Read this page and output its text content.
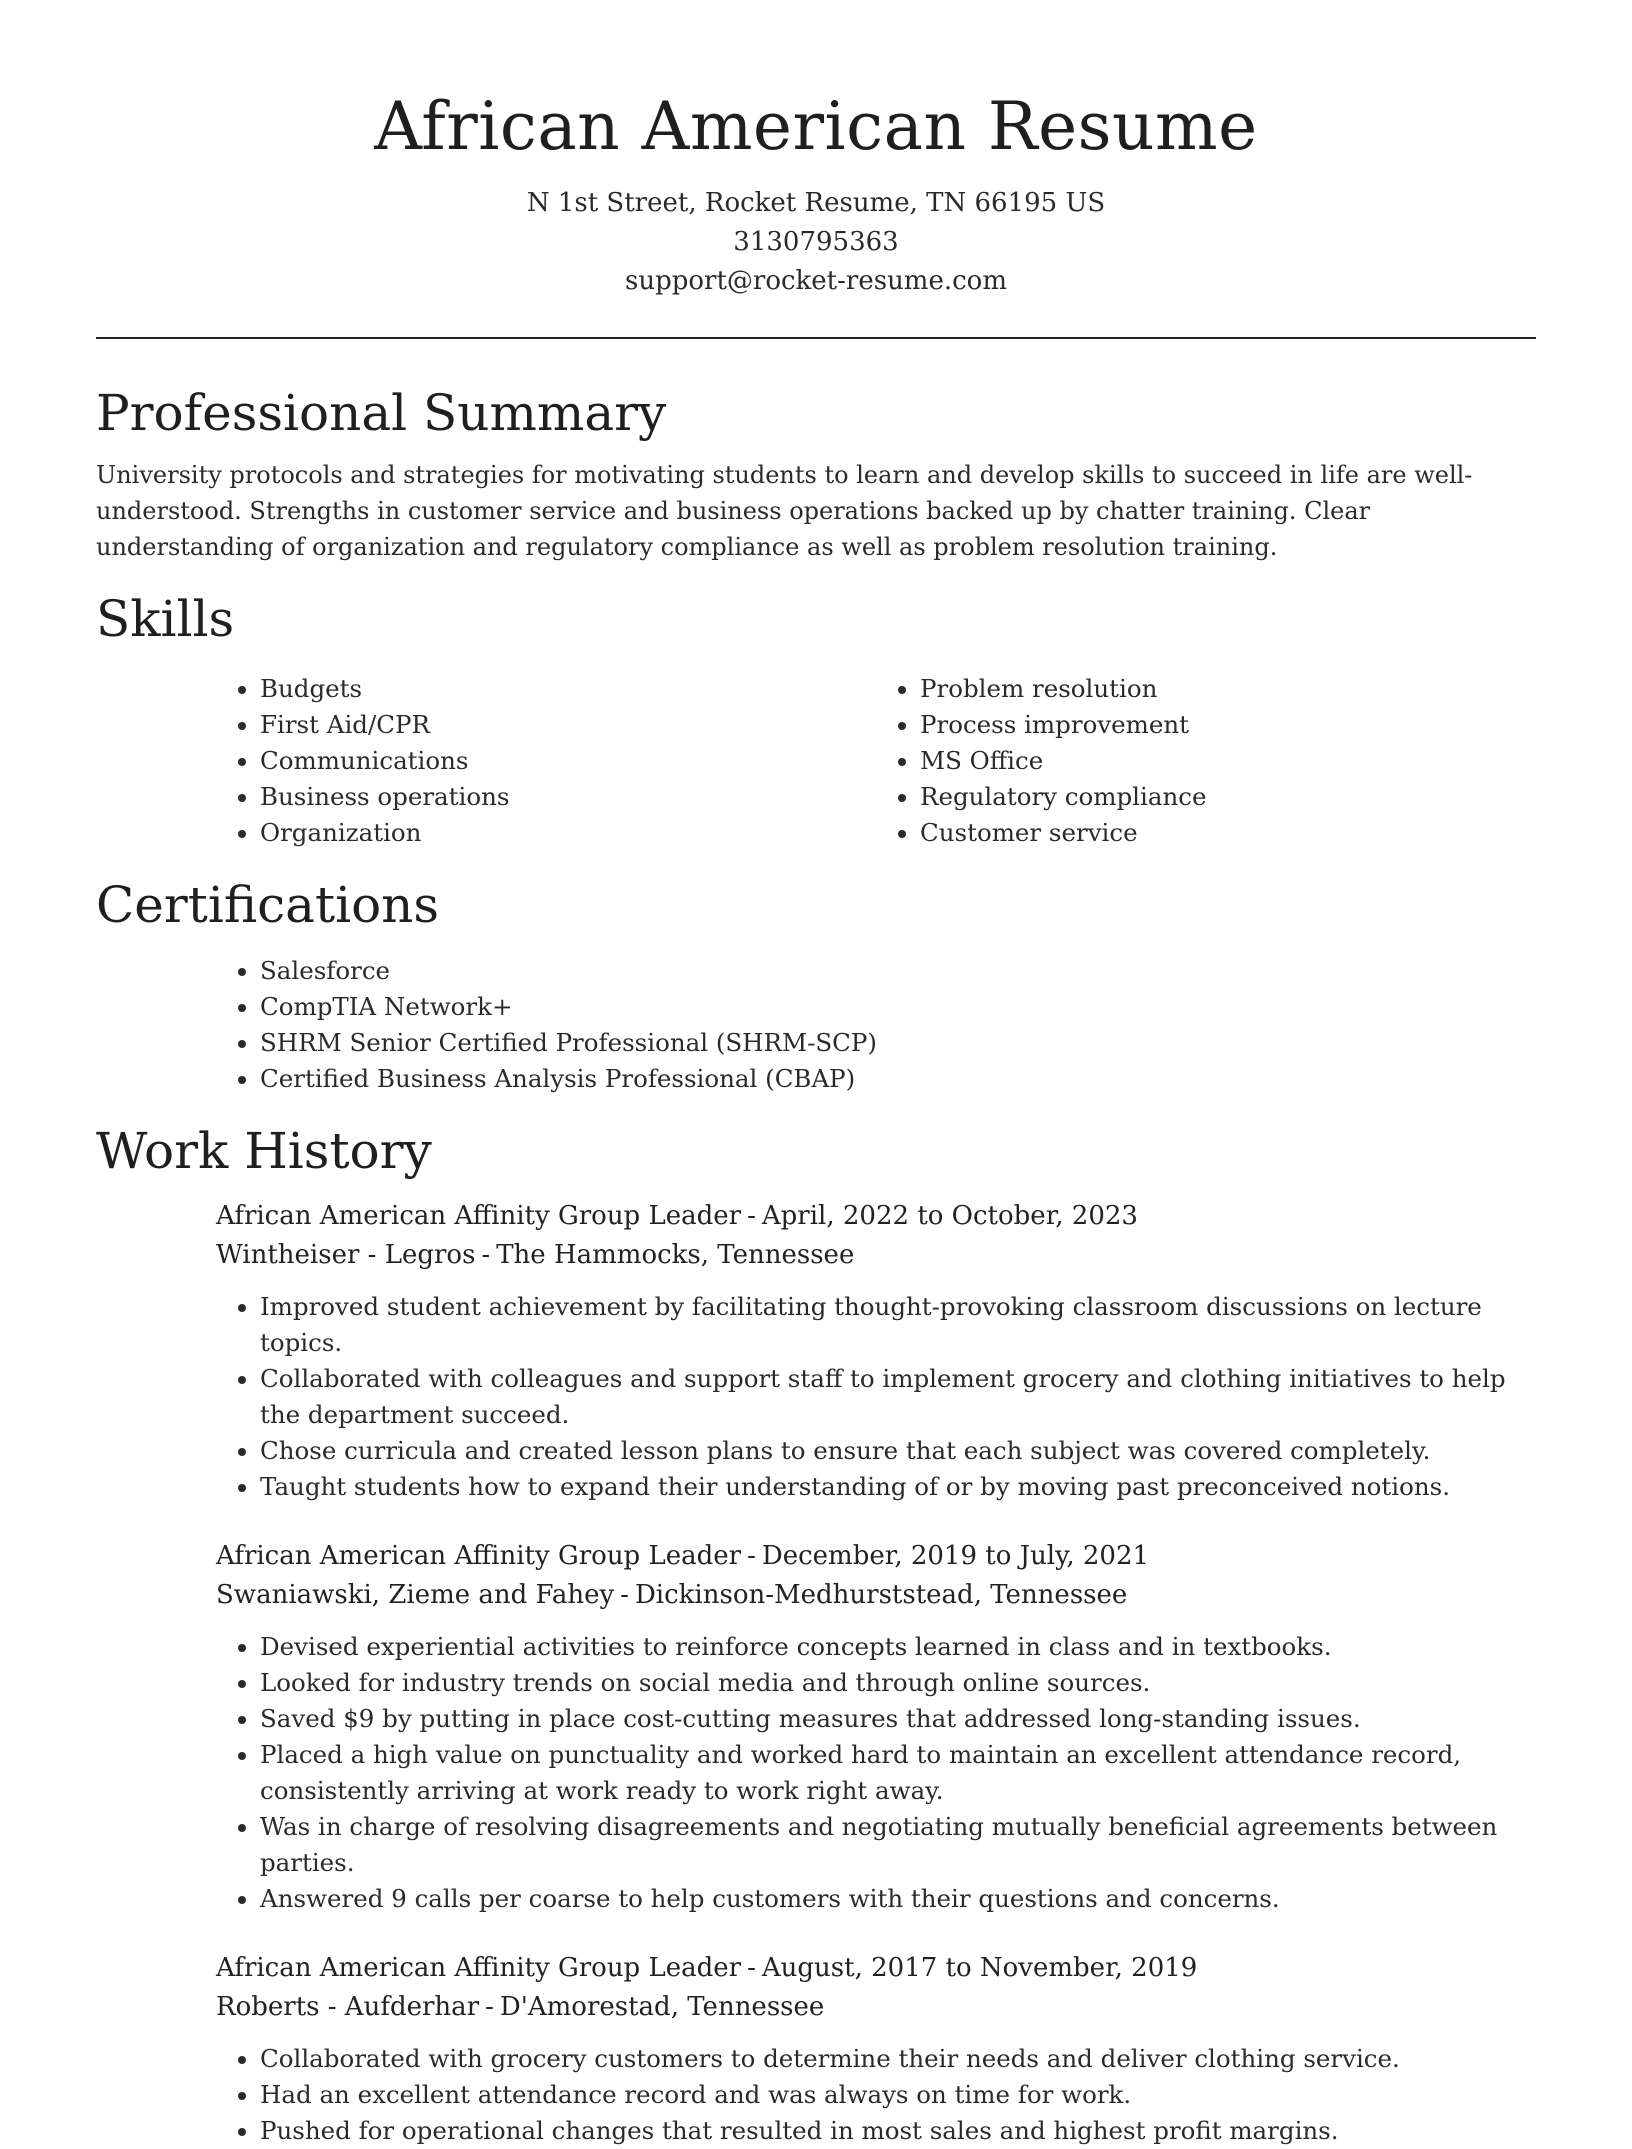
African American Resume
N 1st Street, Rocket Resume, TN 66195 US
3130795363
support@rocket-resume.com
Professional Summary

University protocols and strategies for motivating students to learn and develop skills to succeed in life are well-understood. Strengths in customer service and business operations backed up by chatter training. Clear understanding of organization and regulatory compliance as well as problem resolution training.

Skills
• Budgets
• First Aid/CPR
• Communications
• Business operations
• Organization
• Problem resolution
• Process improvement
• MS Office
• Regulatory compliance
• Customer service
Certifications
• Salesforce
• CompTIA Network+
• SHRM Senior Certified Professional (SHRM-SCP)
• Certified Business Analysis Professional (CBAP)
Work History
African American Affinity Group Leader - April, 2022 to October, 2023
Wintheiser - Legros - The Hammocks, Tennessee
• Improved student achievement by facilitating thought-provoking classroom discussions on lecture topics.
• Collaborated with colleagues and support staff to implement grocery and clothing initiatives to help the department succeed.
• Chose curricula and created lesson plans to ensure that each subject was covered completely.
• Taught students how to expand their understanding of or by moving past preconceived notions.
African American Affinity Group Leader - December, 2019 to July, 2021
Swaniawski, Zieme and Fahey - Dickinson-Medhurststead, Tennessee
• Devised experiential activities to reinforce concepts learned in class and in textbooks.
• Looked for industry trends on social media and through online sources.
• Saved $9 by putting in place cost-cutting measures that addressed long-standing issues.
• Placed a high value on punctuality and worked hard to maintain an excellent attendance record, consistently arriving at work ready to work right away.
• Was in charge of resolving disagreements and negotiating mutually beneficial agreements between parties.
• Answered 9 calls per coarse to help customers with their questions and concerns.
African American Affinity Group Leader - August, 2017 to November, 2019
Roberts - Aufderhar - D'Amorestad, Tennessee
• Collaborated with grocery customers to determine their needs and deliver clothing service.
• Had an excellent attendance record and was always on time for work.
• Pushed for operational changes that resulted in most sales and highest profit margins.
